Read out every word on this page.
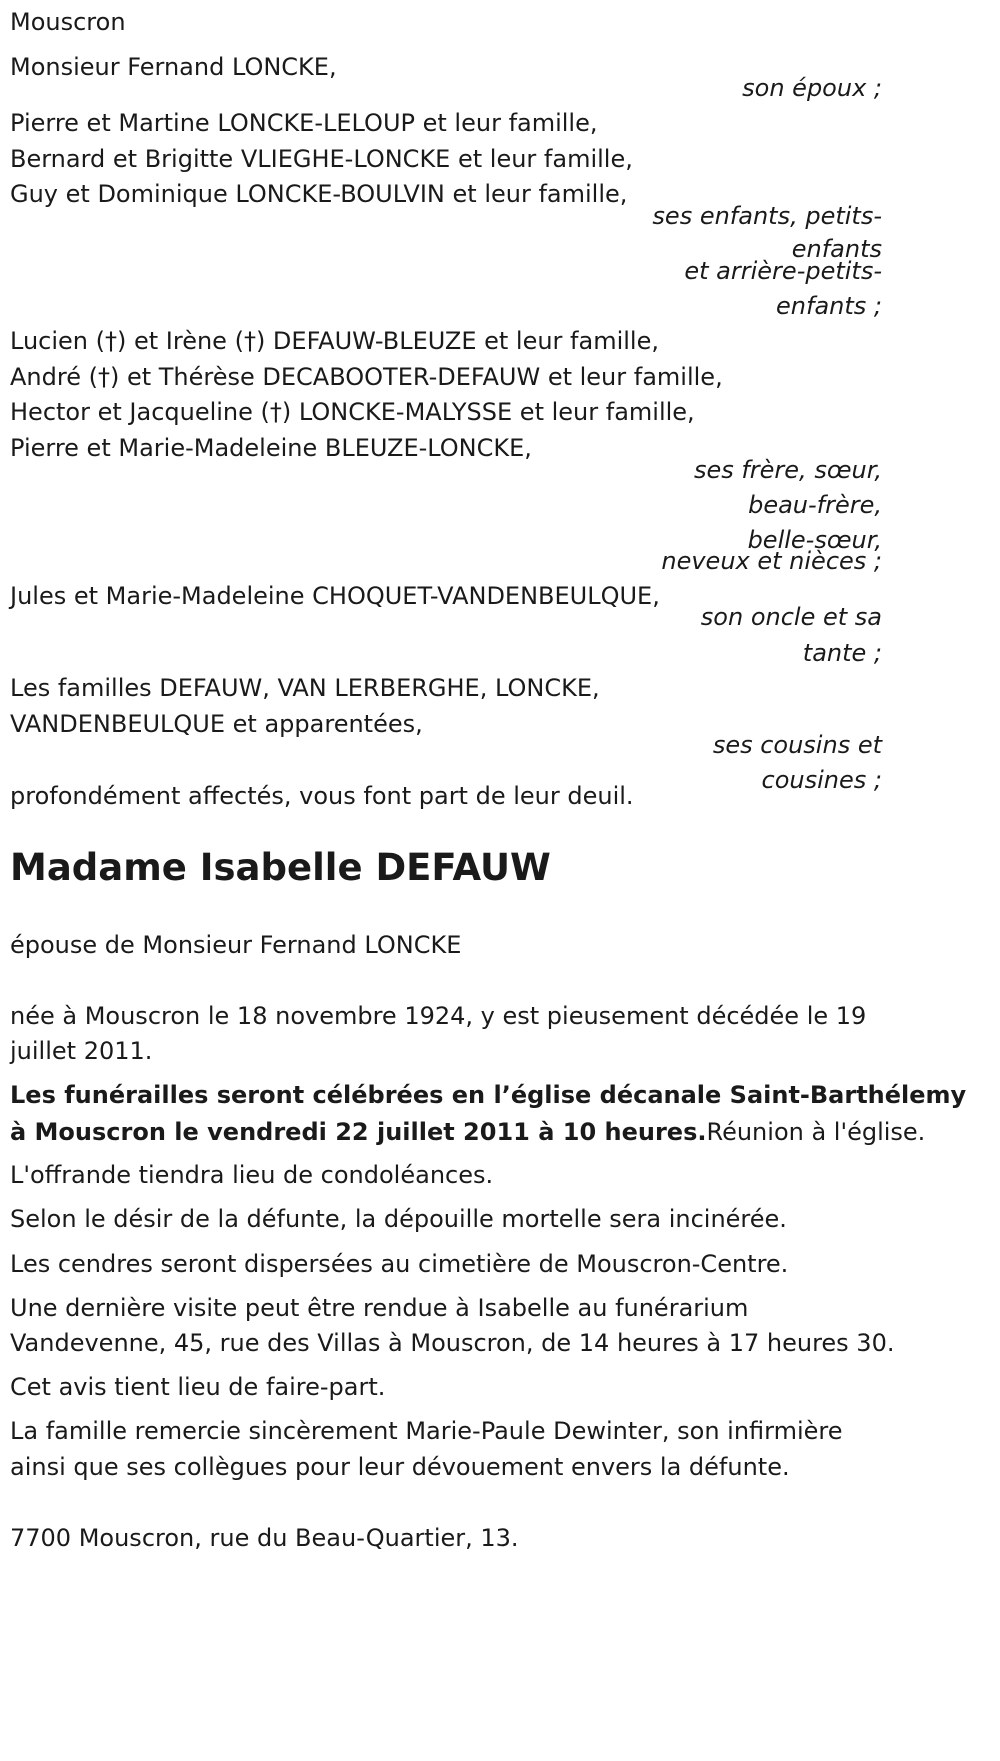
Mouscron

Monsieur Fernand LONCKE,

son époux ;

Pierre et Martine LONCKE-LELOUP et leur famille,

Bernard et Brigitte VLIEGHE-LONCKE et leur famille,

Guy et Dominique LONCKE-BOULVIN et leur famille,

ses enfants, petits-

enfants

et arrière-petits-

enfants ;

Lucien (†) et Irène (†) DEFAUW-BLEUZE et leur famille,

André (†) et Thérèse DECABOOTER-DEFAUW et leur famille,

Hector et Jacqueline (†) LONCKE-MALYSSE et leur famille,

Pierre et Marie-Madeleine BLEUZE-LONCKE,

ses frère, sœur,

beau-frère,

belle-sœur,

neveux et nièces ;

Jules et Marie-Madeleine CHOQUET-VANDENBEULQUE,

son oncle et sa

tante ;

Les familles DEFAUW, VAN LERBERGHE, LONCKE,

VANDENBEULQUE et apparentées,

ses cousins et

cousines ;

profondément affectés, vous font part de leur deuil.

Madame Isabelle DEFAUW

épouse de Monsieur Fernand LONCKE

née à Mouscron le 18 novembre 1924, y est pieusement décédée le 19

juillet 2011.

Les funérailles seront célébrées en l’église décanale Saint-Barthélemy

à Mouscron le vendredi 22 juillet 2011 à 10 heures.Réunion à l'église.

L'offrande tiendra lieu de condoléances.

Selon le désir de la défunte, la dépouille mortelle sera incinérée.

Les cendres seront dispersées au cimetière de Mouscron-Centre.

Une dernière visite peut être rendue à Isabelle au funérarium

Vandevenne, 45, rue des Villas à Mouscron, de 14 heures à 17 heures 30.

Cet avis tient lieu de faire-part.

La famille remercie sincèrement Marie-Paule Dewinter, son infirmière

ainsi que ses collègues pour leur dévouement envers la défunte.

7700 Mouscron, rue du Beau-Quartier, 13.
